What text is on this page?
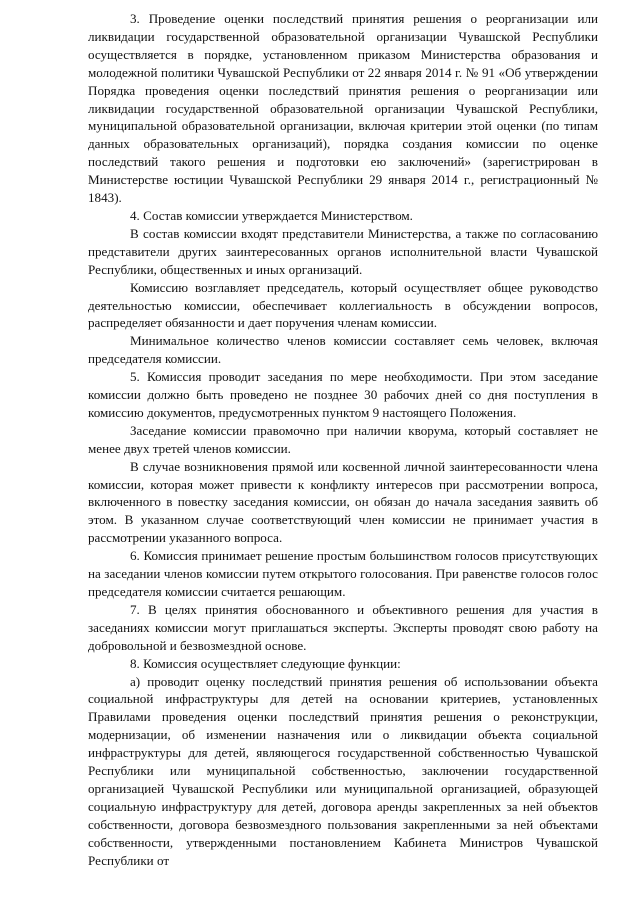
3. Проведение оценки последствий принятия решения о реорганизации или ликвидации государственной образовательной организации Чувашской Республики осуществляется в порядке, установленном приказом Министерства образования и молодежной политики Чувашской Республики от 22 января 2014 г. № 91 «Об утверждении Порядка проведения оценки последствий принятия решения о реорганизации или ликвидации государственной образовательной организации Чувашской Республики, муниципальной образовательной организации, включая критерии этой оценки (по типам данных образовательных организаций), порядка создания комиссии по оценке последствий такого решения и подготовки ею заключений» (зарегистрирован в Министерстве юстиции Чувашской Республики 29 января 2014 г., регистрационный № 1843).

4. Состав комиссии утверждается Министерством.

В состав комиссии входят представители Министерства, а также по согласованию представители других заинтересованных органов исполнительной власти Чувашской Республики, общественных и иных организаций.

Комиссию возглавляет председатель, который осуществляет общее руководство деятельностью комиссии, обеспечивает коллегиальность в обсуждении вопросов, распределяет обязанности и дает поручения членам комиссии.

Минимальное количество членов комиссии составляет семь человек, включая председателя комиссии.

5. Комиссия проводит заседания по мере необходимости. При этом заседание комиссии должно быть проведено не позднее 30 рабочих дней со дня поступления в комиссию документов, предусмотренных пунктом 9 настоящего Положения.

Заседание комиссии правомочно при наличии кворума, который составляет не менее двух третей членов комиссии.

В случае возникновения прямой или косвенной личной заинтересованности члена комиссии, которая может привести к конфликту интересов при рассмотрении вопроса, включенного в повестку заседания комиссии, он обязан до начала заседания заявить об этом. В указанном случае соответствующий член комиссии не принимает участия в рассмотрении указанного вопроса.

6. Комиссия принимает решение простым большинством голосов присутствующих на заседании членов комиссии путем открытого голосования. При равенстве голосов голос председателя комиссии считается решающим.

7. В целях принятия обоснованного и объективного решения для участия в заседаниях комиссии могут приглашаться эксперты. Эксперты проводят свою работу на добровольной и безвозмездной основе.

8. Комиссия осуществляет следующие функции:

а) проводит оценку последствий принятия решения об использовании объекта социальной инфраструктуры для детей на основании критериев, установленных Правилами проведения оценки последствий принятия решения о реконструкции, модернизации, об изменении назначения или о ликвидации объекта социальной инфраструктуры для детей, являющегося государственной собственностью Чувашской Республики или муниципальной собственностью, заключении государственной организацией Чувашской Республики или муниципальной организацией, образующей социальную инфраструктуру для детей, договора аренды закрепленных за ней объектов собственности, договора безвозмездного пользования закрепленными за ней объектами собственности, утвержденными постановлением Кабинета Министров Чувашской Республики от
